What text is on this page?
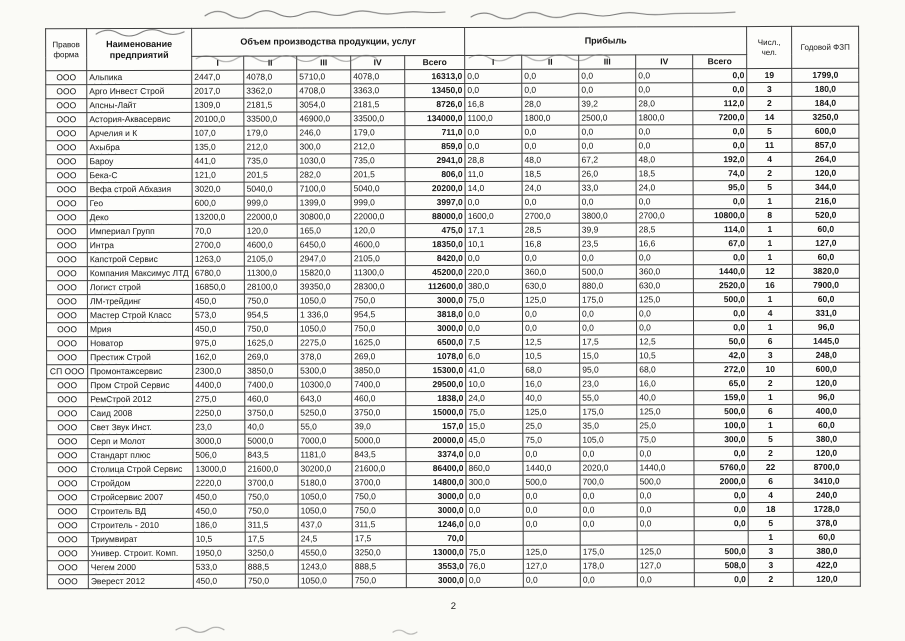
Правов форма	Наименование предприятий	Объем производства продукции, услуг					Прибыль					Числ., чел.	Годовой ФЗП
		I	II	III	IV	Всего	I	II	III	IV	Всего		
ООО	Альпика	2447,0	4078,0	5710,0	4078,0	16313,0	0,0	0,0	0,0	0,0	0,0	19	1799,0
ООО	Арго Инвест Строй	2017,0	3362,0	4708,0	3363,0	13450,0	0,0	0,0	0,0	0,0	0,0	3	180,0
ООО	Апсны-Лайт	1309,0	2181,5	3054,0	2181,5	8726,0	16,8	28,0	39,2	28,0	112,0	2	184,0
ООО	Астория-Аквасервис	20100,0	33500,0	46900,0	33500,0	134000,0	1100,0	1800,0	2500,0	1800,0	7200,0	14	3250,0
ООО	Арчелия и К	107,0	179,0	246,0	179,0	711,0	0,0	0,0	0,0	0,0	0,0	5	600,0
ООО	Ахыбра	135,0	212,0	300,0	212,0	859,0	0,0	0,0	0,0	0,0	0,0	11	857,0
ООО	Бароу	441,0	735,0	1030,0	735,0	2941,0	28,8	48,0	67,2	48,0	192,0	4	264,0
ООО	Бека-С	121,0	201,5	282,0	201,5	806,0	11,0	18,5	26,0	18,5	74,0	2	120,0
ООО	Вефа строй Абхазия	3020,0	5040,0	7100,0	5040,0	20200,0	14,0	24,0	33,0	24,0	95,0	5	344,0
ООО	Гео	600,0	999,0	1399,0	999,0	3997,0	0,0	0,0	0,0	0,0	0,0	1	216,0
ООО	Деко	13200,0	22000,0	30800,0	22000,0	88000,0	1600,0	2700,0	3800,0	2700,0	10800,0	8	520,0
ООО	Империал Групп	70,0	120,0	165,0	120,0	475,0	17,1	28,5	39,9	28,5	114,0	1	60,0
ООО	Интра	2700,0	4600,0	6450,0	4600,0	18350,0	10,1	16,8	23,5	16,6	67,0	1	127,0
ООО	Капстрой Сервис	1263,0	2105,0	2947,0	2105,0	8420,0	0,0	0,0	0,0	0,0	0,0	1	60,0
ООО	Компания Максимус ЛТД	6780,0	11300,0	15820,0	11300,0	45200,0	220,0	360,0	500,0	360,0	1440,0	12	3820,0
ООО	Логист строй	16850,0	28100,0	39350,0	28300,0	112600,0	380,0	630,0	880,0	630,0	2520,0	16	7900,0
ООО	ЛМ-трейдинг	450,0	750,0	1050,0	750,0	3000,0	75,0	125,0	175,0	125,0	500,0	1	60,0
ООО	Мастер Строй Класс	573,0	954,5	1 336,0	954,5	3818,0	0,0	0,0	0,0	0,0	0,0	4	331,0
ООО	Мрия	450,0	750,0	1050,0	750,0	3000,0	0,0	0,0	0,0	0,0	0,0	1	96,0
ООО	Новатор	975,0	1625,0	2275,0	1625,0	6500,0	7,5	12,5	17,5	12,5	50,0	6	1445,0
ООО	Престиж Строй	162,0	269,0	378,0	269,0	1078,0	6,0	10,5	15,0	10,5	42,0	3	248,0
СП ООО	Промонтажсервис	2300,0	3850,0	5300,0	3850,0	15300,0	41,0	68,0	95,0	68,0	272,0	10	600,0
ООО	Пром Строй Сервис	4400,0	7400,0	10300,0	7400,0	29500,0	10,0	16,0	23,0	16,0	65,0	2	120,0
ООО	РемСтрой 2012	275,0	460,0	643,0	460,0	1838,0	24,0	40,0	55,0	40,0	159,0	1	96,0
ООО	Саид 2008	2250,0	3750,0	5250,0	3750,0	15000,0	75,0	125,0	175,0	125,0	500,0	6	400,0
ООО	Свет Звук Инст.	23,0	40,0	55,0	39,0	157,0	15,0	25,0	35,0	25,0	100,0	1	60,0
ООО	Серп и Молот	3000,0	5000,0	7000,0	5000,0	20000,0	45,0	75,0	105,0	75,0	300,0	5	380,0
ООО	Стандарт плюс	506,0	843,5	1181,0	843,5	3374,0	0,0	0,0	0,0	0,0	0,0	2	120,0
ООО	Столица Строй Сервис	13000,0	21600,0	30200,0	21600,0	86400,0	860,0	1440,0	2020,0	1440,0	5760,0	22	8700,0
ООО	Стройдом	2220,0	3700,0	5180,0	3700,0	14800,0	300,0	500,0	700,0	500,0	2000,0	6	3410,0
ООО	Стройсервис 2007	450,0	750,0	1050,0	750,0	3000,0	0,0	0,0	0,0	0,0	0,0	4	240,0
ООО	Строитель ВД	450,0	750,0	1050,0	750,0	3000,0	0,0	0,0	0,0	0,0	0,0	18	1728,0
ООО	Строитель - 2010	186,0	311,5	437,0	311,5	1246,0	0,0	0,0	0,0	0,0	0,0	5	378,0
ООО	Триумвират	10,5	17,5	24,5	17,5	70,0						1	60,0
ООО	Универ. Строит. Комп.	1950,0	3250,0	4550,0	3250,0	13000,0	75,0	125,0	175,0	125,0	500,0	3	380,0
ООО	Чегем 2000	533,0	888,5	1243,0	888,5	3553,0	76,0	127,0	178,0	127,0	508,0	3	422,0
ООО	Эверест 2012	450,0	750,0	1050,0	750,0	3000,0	0,0	0,0	0,0	0,0	0,0	2	120,0
2
